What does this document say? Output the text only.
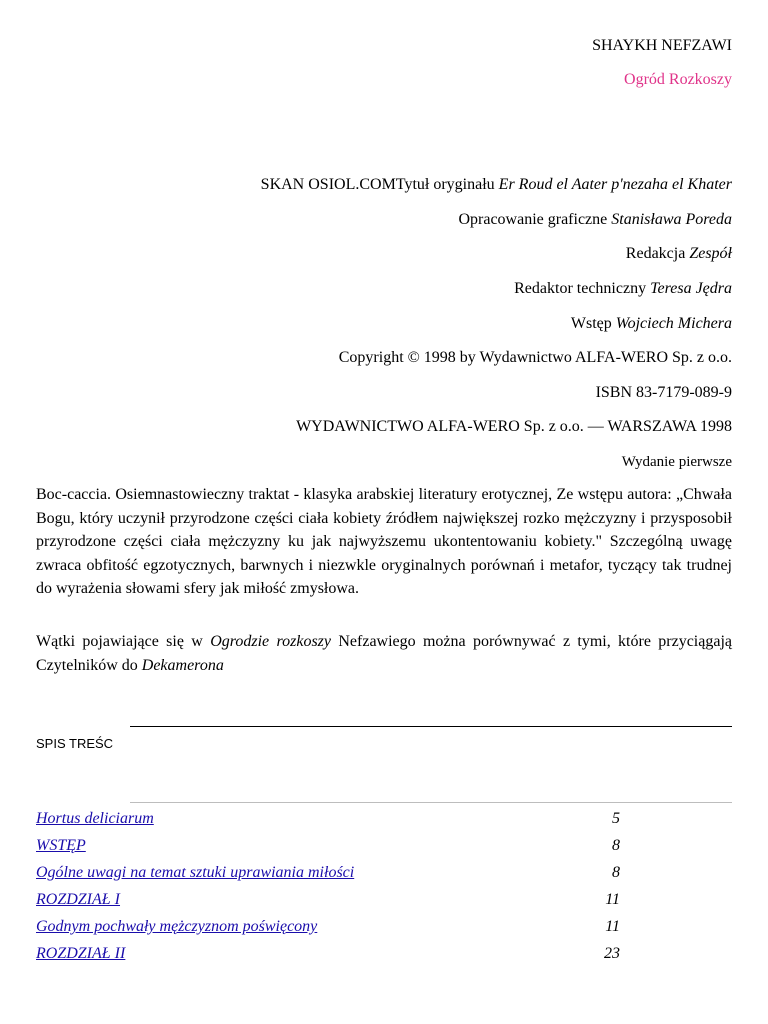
SHAYKH NEFZAWI

Ogród Rozkoszy

SKAN OSIOL.COMTytuł oryginału Er Roud el Aater p'nezaha el Khater

Opracowanie graficzne Stanisława Poreda

Redakcja Zespół

Redaktor techniczny Teresa Jędra

Wstęp Wojciech Michera

Copyright © 1998 by Wydawnictwo ALFA-WERO Sp. z o.o.

ISBN 83-7179-089-9

WYDAWNICTWO ALFA-WERO Sp. z o.o. — WARSZAWA 1998

Wydanie pierwsze

Boc-caccia. Osiemnastowieczny traktat - klasyka arabskiej literatury erotycznej, Ze wstępu autora: „Chwała Bogu, który uczynił przyrodzone części ciała kobiety źródłem największej rozko mężczyzny i przysposobił przyrodzone części ciała mężczyzny ku jak najwyższemu ukontentowaniu kobiety." Szczególną uwagę zwraca obfitość egzotycznych, barwnych i niezwkle oryginalnych porównań i metafor, tyczący tak trudnej do wyrażenia słowami sfery jak miłość zmysłowa.

Wątki pojawiające się w Ogrodzie rozkoszy Nefzawiego można porównywać z tymi, które przyciągają Czytelników do Dekamerona

SPIS TREŚC
Hortus deliciarum	5
WSTĘP	8
Ogólne uwagi na temat sztuki uprawiania miłości	8
ROZDZIAŁ I	11
Godnym pochwały mężczyznom poświęcony	11
ROZDZIAŁ II	23
